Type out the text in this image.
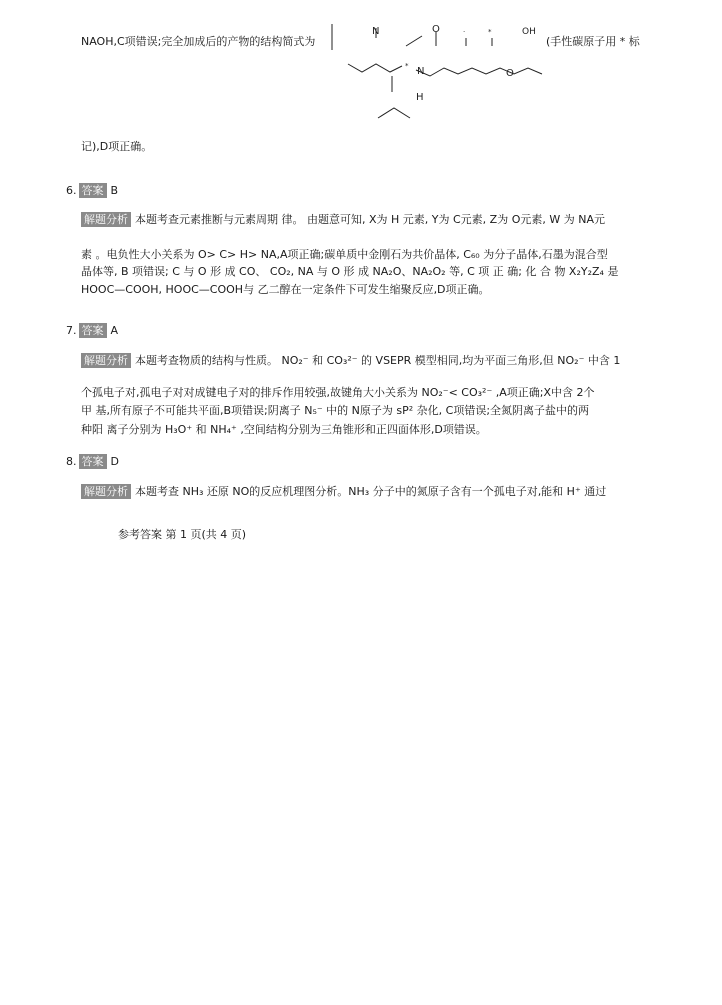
NAOH,C项错误;完全加成后的产物的结构简式为	(手性碳原子用 * 标
N	O	OH
N	O
H
*
*
·
记),D项正确。
6. 答案 B
解题分析 本题考查元素推断与元素周期 律。 由题意可知, X为 H 元素, Y为 C元素, Z为 O元素, W 为 NA元
素 。电负性大小关系为 O> C> H> NA,A项正确;碳单质中金刚石为共价晶体, C₆₀ 为分子晶体,石墨为混合型
晶体等, B 项错误; C 与 O 形 成 CO、 CO₂, NA 与 O 形 成 NA₂O、NA₂O₂ 等, C 项 正 确; 化 合 物 X₂Y₂Z₄ 是
HOOC—COOH, HOOC—COOH与 乙二醇在一定条件下可发生缩聚反应,D项正确。
7. 答案 A
解题分析 本题考查物质的结构与性质。 NO₂⁻ 和 CO₃²⁻ 的 VSEPR 模型相同,均为平面三角形,但 NO₂⁻ 中含 1
个孤电子对,孤电子对对成键电子对的排斥作用较强,故键角大小关系为 NO₂⁻< CO₃²⁻ ,A项正确;X中含 2个
甲 基,所有原子不可能共平面,B项错误;阴离子 N₅⁻ 中的 N原子为 sP² 杂化, C项错误;全氮阴离子盐中的两
种阳 离子分别为 H₃O⁺ 和 NH₄⁺ ,空间结构分别为三角锥形和正四面体形,D项错误。
8. 答案 D
解题分析 本题考查 NH₃ 还原 NO的反应机理图分析。NH₃ 分子中的氮原子含有一个孤电子对,能和 H⁺ 通过
参考答案 第 1 页(共 4 页)
